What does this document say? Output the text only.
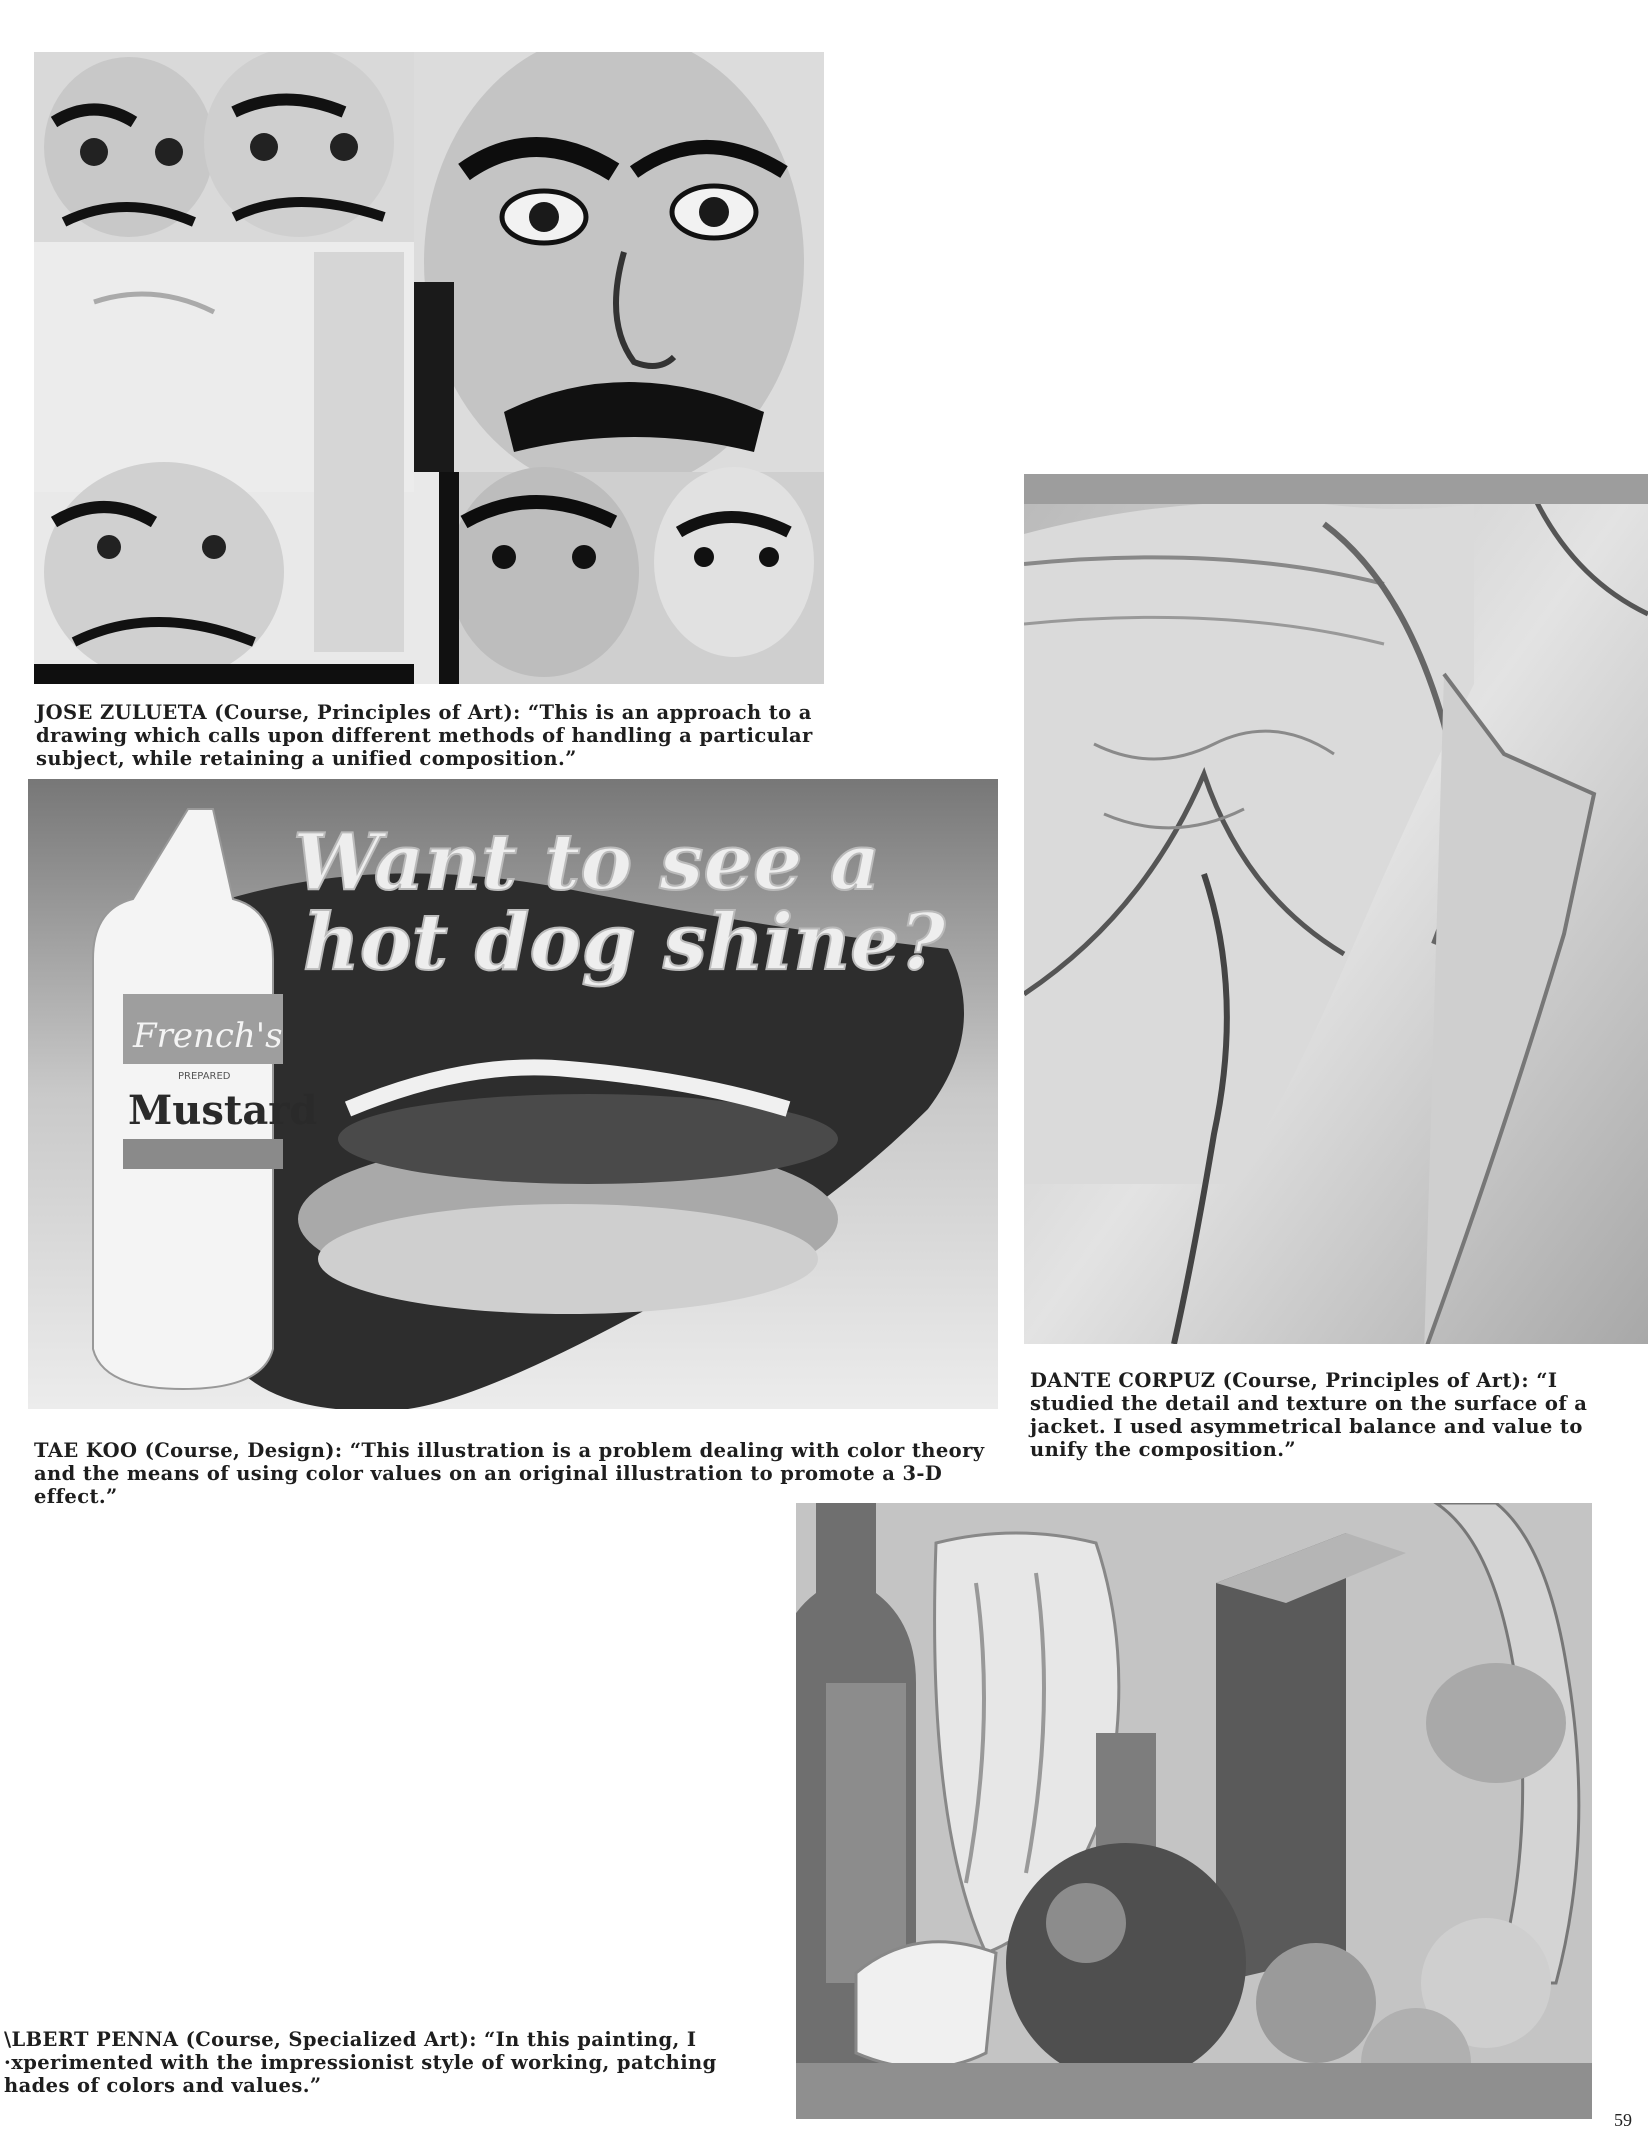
JOSE ZULUETA (Course, Principles of Art): “This is an approach to a drawing which calls upon different methods of handling a particular subject, while retaining a unified composition.”

Want to see a
hot dog shine?
French's
PREPARED
Mustard

TAE KOO (Course, Design): “This illustration is a problem dealing with color theory and the means of using color values on an original illustration to promote a 3-D effect.”

DANTE CORPUZ (Course, Principles of Art): “I studied the detail and texture on the surface of a jacket. I used asymmetrical balance and value to unify the composition.”

\LBERT PENNA (Course, Specialized Art): “In this painting, I ·xperimented with the impressionist style of working, patching hades of colors and values.”

59
